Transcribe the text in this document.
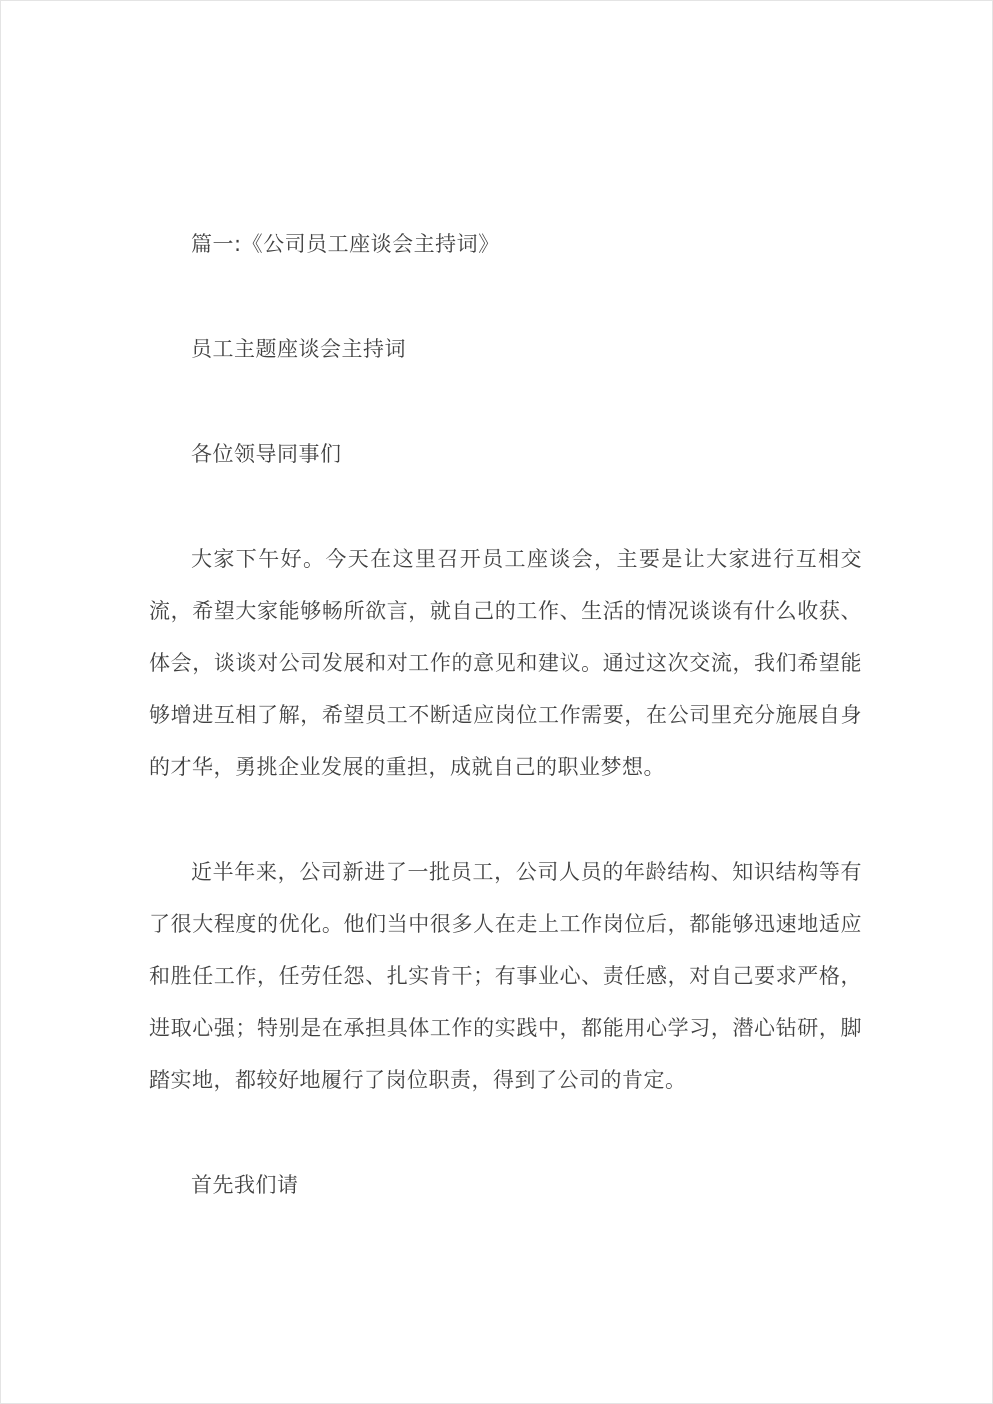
篇一:《公司员工座谈会主持词》

员工主题座谈会主持词

各位领导同事们

大家下午好。今天在这里召开员工座谈会，主要是让大家进行互相交流，希望大家能够畅所欲言，就自己的工作、生活的情况谈谈有什么收获、体会，谈谈对公司发展和对工作的意见和建议。通过这次交流，我们希望能够增进互相了解，希望员工不断适应岗位工作需要，在公司里充分施展自身的才华，勇挑企业发展的重担，成就自己的职业梦想。

近半年来，公司新进了一批员工，公司人员的年龄结构、知识结构等有了很大程度的优化。他们当中很多人在走上工作岗位后，都能够迅速地适应和胜任工作，任劳任怨、扎实肯干；有事业心、责任感，对自己要求严格，进取心强；特别是在承担具体工作的实践中，都能用心学习，潜心钻研，脚踏实地，都较好地履行了岗位职责，得到了公司的肯定。

首先我们请
